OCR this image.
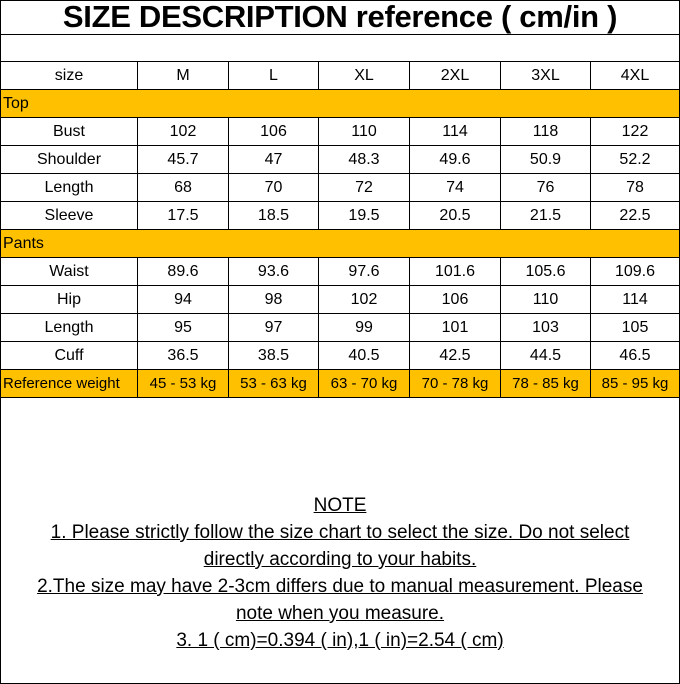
SIZE DESCRIPTION reference ( cm/in )
size	M	L	XL	2XL	3XL	4XL
Top						
Bust	102	106	110	114	118	122
Shoulder	45.7	47	48.3	49.6	50.9	52.2
Length	68	70	72	74	76	78
Sleeve	17.5	18.5	19.5	20.5	21.5	22.5
Pants						
Waist	89.6	93.6	97.6	101.6	105.6	109.6
Hip	94	98	102	106	110	114
Length	95	97	99	101	103	105
Cuff	36.5	38.5	40.5	42.5	44.5	46.5
Reference weight	45 - 53 kg	53 - 63 kg	63 - 70 kg	70 - 78 kg	78 - 85 kg	85 - 95 kg
NOTE
1. Please strictly follow the size chart to select the size. Do not select
directly according to your habits.
2.The size may have 2-3cm differs due to manual measurement. Please
note when you measure.
3. 1 ( cm)=0.394 ( in),1 ( in)=2.54 ( cm)
